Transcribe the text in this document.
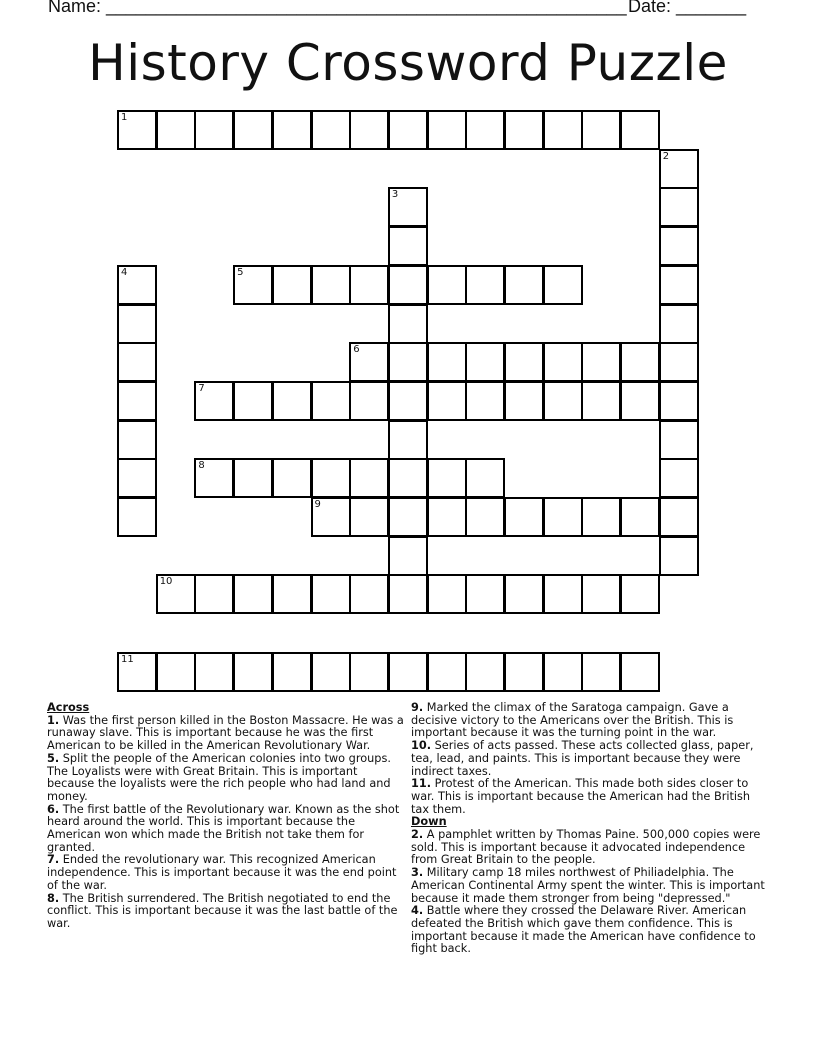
Name: ____________________________________________________ Date: _______
History Crossword Puzzle
1
2
3
4	5
6
7
8
9
10
11
Across

1. Was the first person killed in the Boston Massacre. He was a runaway slave. This is important because he was the first American to be killed in the American Revolutionary War.

5. Split the people of the American colonies into two groups. The Loyalists were with Great Britain. This is important because the loyalists were the rich people who had land and money.

6. The first battle of the Revolutionary war. Known as the shot heard around the world. This is important because the American won which made the British not take them for granted.

7. Ended the revolutionary war. This recognized American independence. This is important because it was the end point of the war.

8. The British surrendered. The British negotiated to end the conflict. This is important because it was the last battle of the war.

9. Marked the climax of the Saratoga campaign. Gave a decisive victory to the Americans over the British. This is important because it was the turning point in the war.

10. Series of acts passed. These acts collected glass, paper, tea, lead, and paints. This is important because they were indirect taxes.

11. Protest of the American. This made both sides closer to war. This is important because the American had the British tax them.

Down

2. A pamphlet written by Thomas Paine. 500,000 copies were sold. This is important because it advocated independence from Great Britain to the people.

3. Military camp 18 miles northwest of Philiadelphia. The American Continental Army spent the winter. This is important because it made them stronger from being "depressed."

4. Battle where they crossed the Delaware River. American defeated the British which gave them confidence. This is important because it made the American have confidence to fight back.
